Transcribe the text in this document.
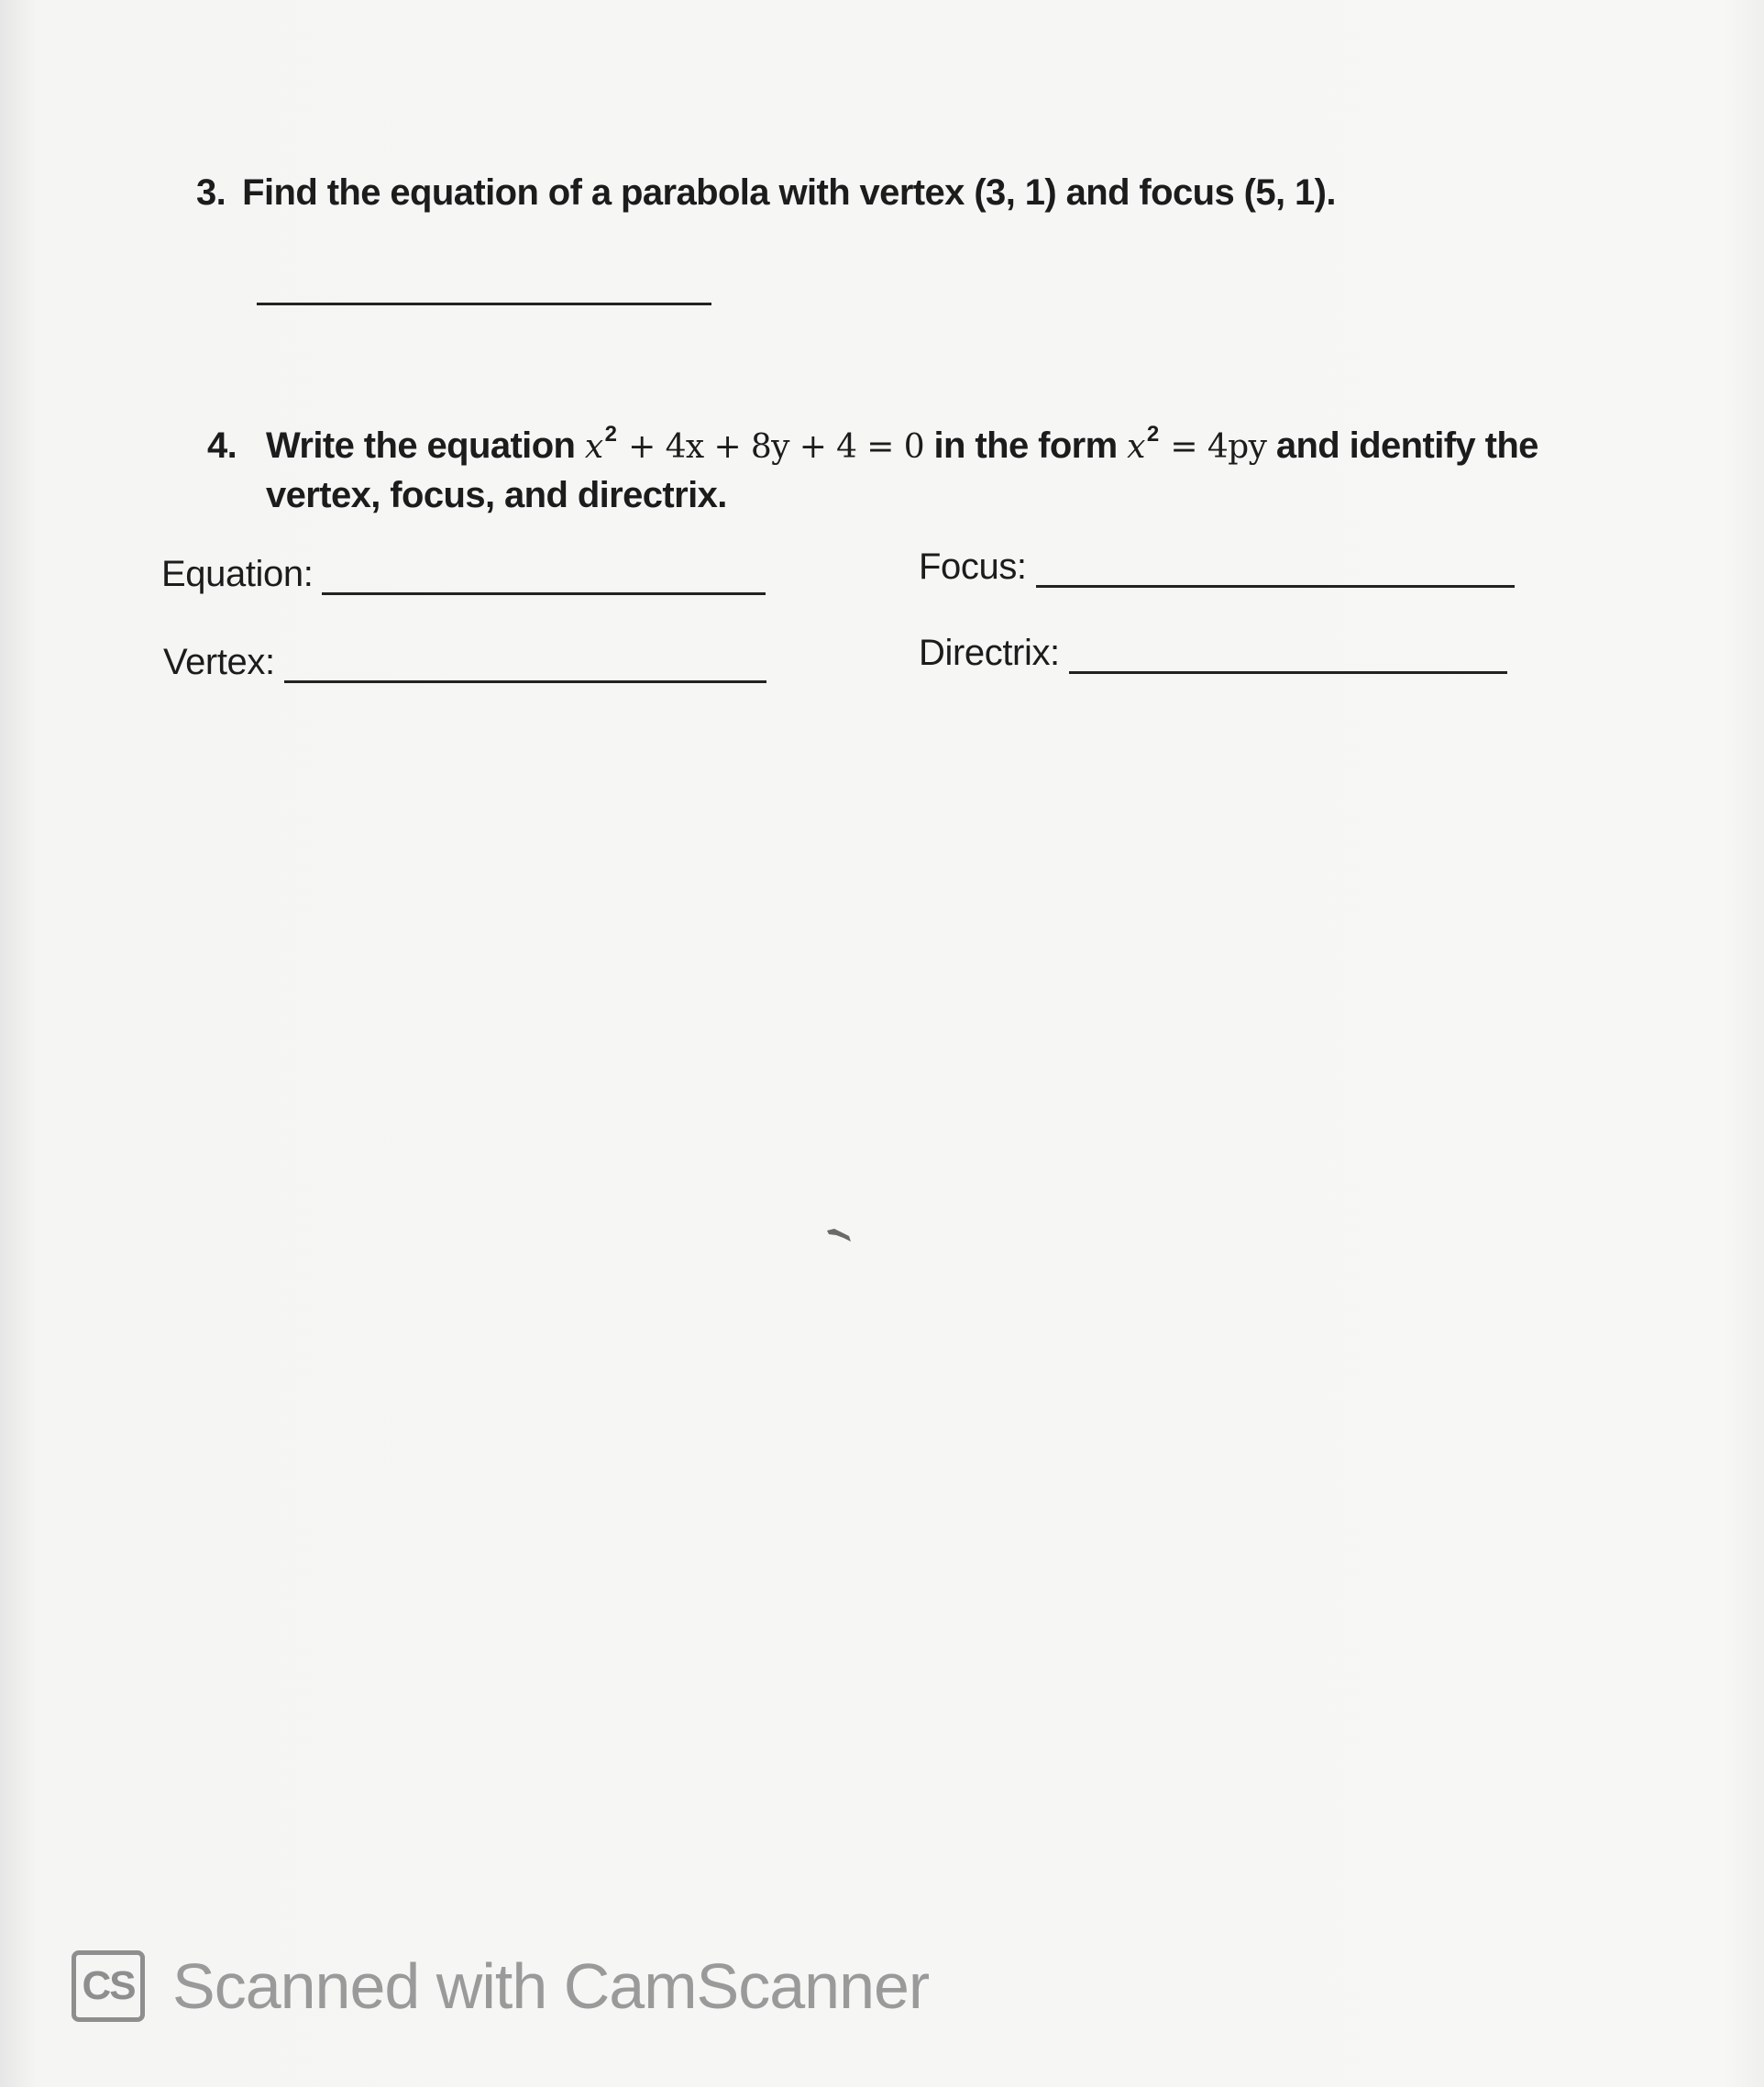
3. Find the equation of a parabola with vertex (3, 1) and focus (5, 1).
4. Write the equation $x^2 + 4x + 8y + 4 = 0$ in the form $x^2 = 4py$ and identify the
vertex, focus, and directrix.
Equation:
Vertex:
Focus:
Directrix:
CS Scanned with CamScanner
